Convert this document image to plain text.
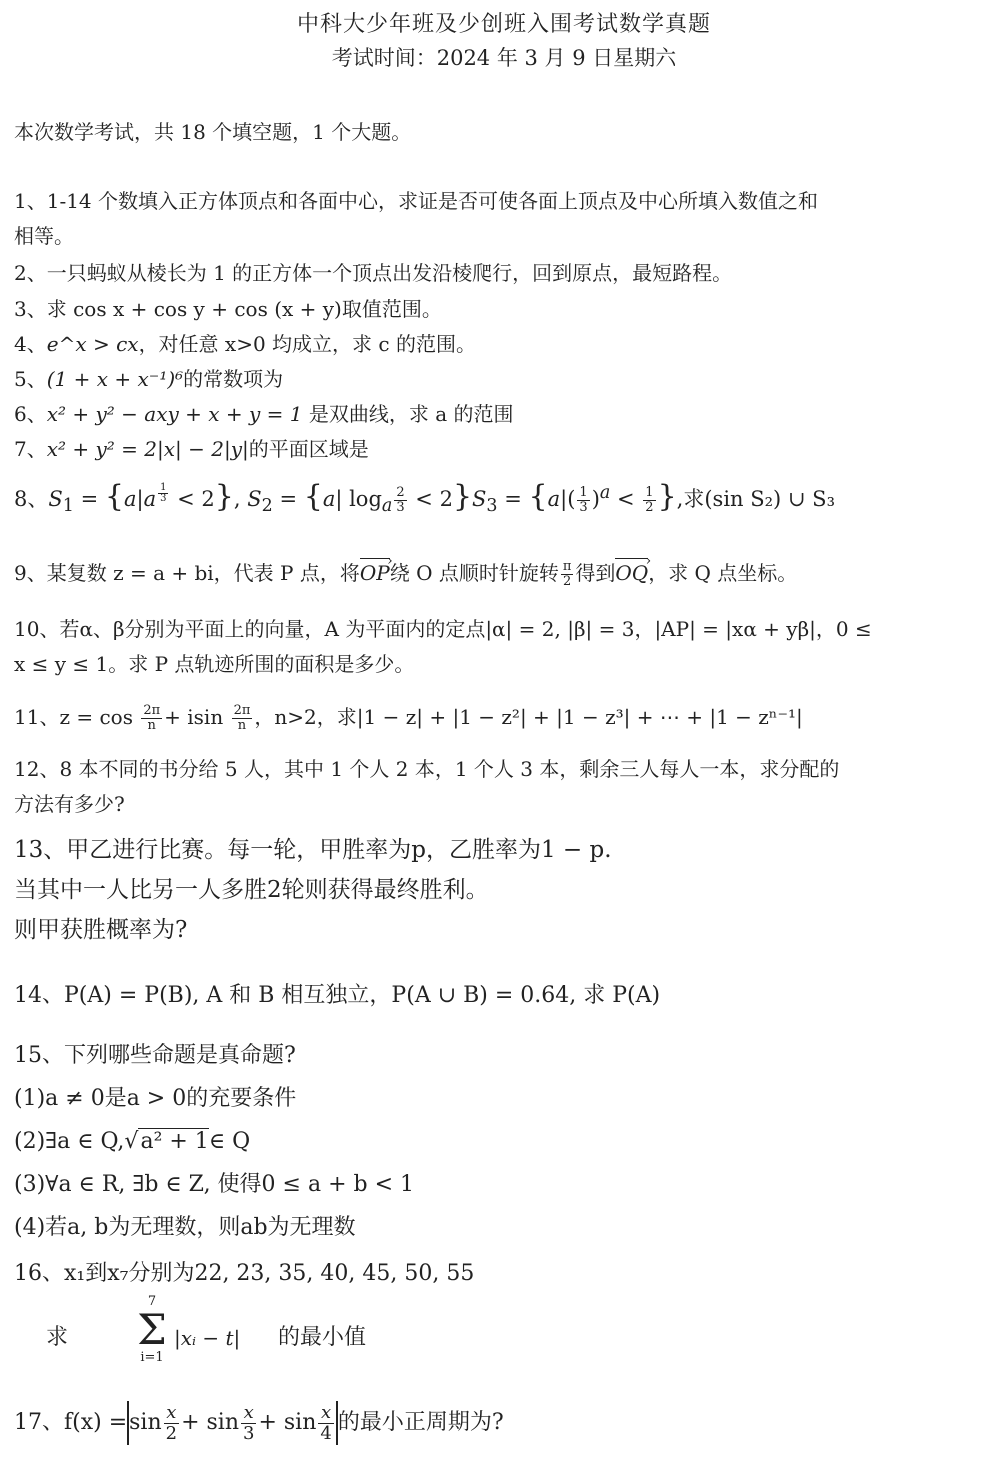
中科大少年班及少创班入围考试数学真题
考试时间：2024 年 3 月 9 日星期六
本次数学考试，共 18 个填空题，1 个大题。
1、1-14 个数填入正方体顶点和各面中心，求证是否可使各面上顶点及中心所填入数值之和
相等。
2、一只蚂蚁从棱长为 1 的正方体一个顶点出发沿棱爬行，回到原点，最短路程。
3、求 cos x + cos y + cos (x + y)取值范围。
4、e^x > cx，对任意 x>0 均成立，求 c 的范围。
5、(1 + x + x⁻¹)⁶的常数项为
6、x² + y² − axy + x + y = 1 是双曲线，求 a 的范围
7、x² + y² = 2|x| − 2|y|的平面区域是
8、$S_1 = \{a|a$ $^{\frac{1}{3}}$ < 2}, $S_2 = \{a|$ $\log_a \frac{2}{3} < 2\}S_3 = \{a|( \frac{1}{3} )^a < \frac{1}{2}$ },求(sin S₂) ∪ S₃
9、某复数 z = a + bi，代表 P 点，将OP ›绕 O 点顺时针旋转 $\frac{\pi}{2}$ 得到OQ ›，求 Q 点坐标。
10、若α、β分别为平面上的向量，A 为平面内的定点|α| = 2, |β| = 3，|AP| = |xα + yβ|，0 ≤
x ≤ y ≤ 1。求 P 点轨迹所围的面积是多少。
11、$z = \cos \frac{2\pi}{n} + isin \frac{2\pi}{n}$ ，n>2，求|1 − z| + |1 − z²| + |1 − z³| + ⋯ + |1 − zⁿ⁻¹|
12、8 本不同的书分给 5 人，其中 1 个人 2 本，1 个人 3 本，剩余三人每人一本，求分配的
方法有多少?
13、甲乙进行比赛。每一轮，甲胜率为p，乙胜率为1 − p.
当其中一人比另一人多胜2轮则获得最终胜利。
则甲获胜概率为?
14、P(A) = P(B), A 和 B 相互独立，P(A ∪ B) = 0.64, 求 P(A)
15、下列哪些命题是真命题?
(1)a ≠ 0是a > 0的充要条件
(2)∃a ∈ Q,√a² + 1∈ Q
(3)∀a ∈ R, ∃b ∈ Z, 使得0 ≤ a + b < 1
(4)若a, b为无理数，则ab为无理数
16、x₁到x₇分别为22, 23, 35, 40, 45, 50, 55
求
7
Σ
i=1
|xᵢ − t| 的最小值
17、$f(x) =\sin \frac{x}{2} + \sin \frac{x}{3} + \sin \frac{x}{4}$ 的最小正周期为?
